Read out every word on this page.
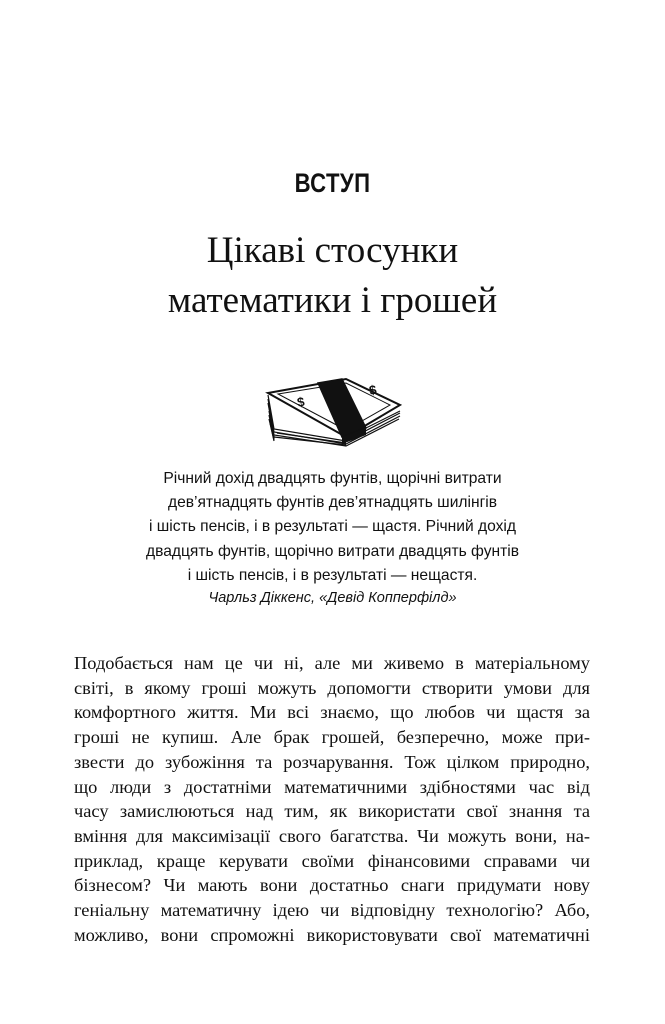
ВСТУП
Цікаві стосунки
математики і грошей
$
$
Річний дохід двадцять фунтів, щорічні витрати
дев’ятнадцять фунтів дев’ятнадцять шилінгів
і шість пенсів, і в результаті — щастя. Річний дохід
двадцять фунтів, щорічно витрати двадцять фунтів
і шість пенсів, і в результаті — нещастя.
Чарльз Діккенс, «Девід Копперфілд»
Подобається нам це чи ні, але ми живемо в матеріальному
світі, в якому гроші можуть допомогти створити умови для
комфортного життя. Ми всі знаємо, що любов чи щастя за
гроші не купиш. Але брак грошей, безперечно, може при-
звести до зубожіння та розчарування. Тож цілком природно,
що люди з достатніми математичними здібностями час від
часу замислюються над тим, як використати свої знання та
вміння для максимізації свого багатства. Чи можуть вони, на-
приклад, краще керувати своїми фінансовими справами чи
бізнесом? Чи мають вони достатньо снаги придумати нову
геніальну математичну ідею чи відповідну технологію? Або,
можливо, вони спроможні використовувати свої математичні
